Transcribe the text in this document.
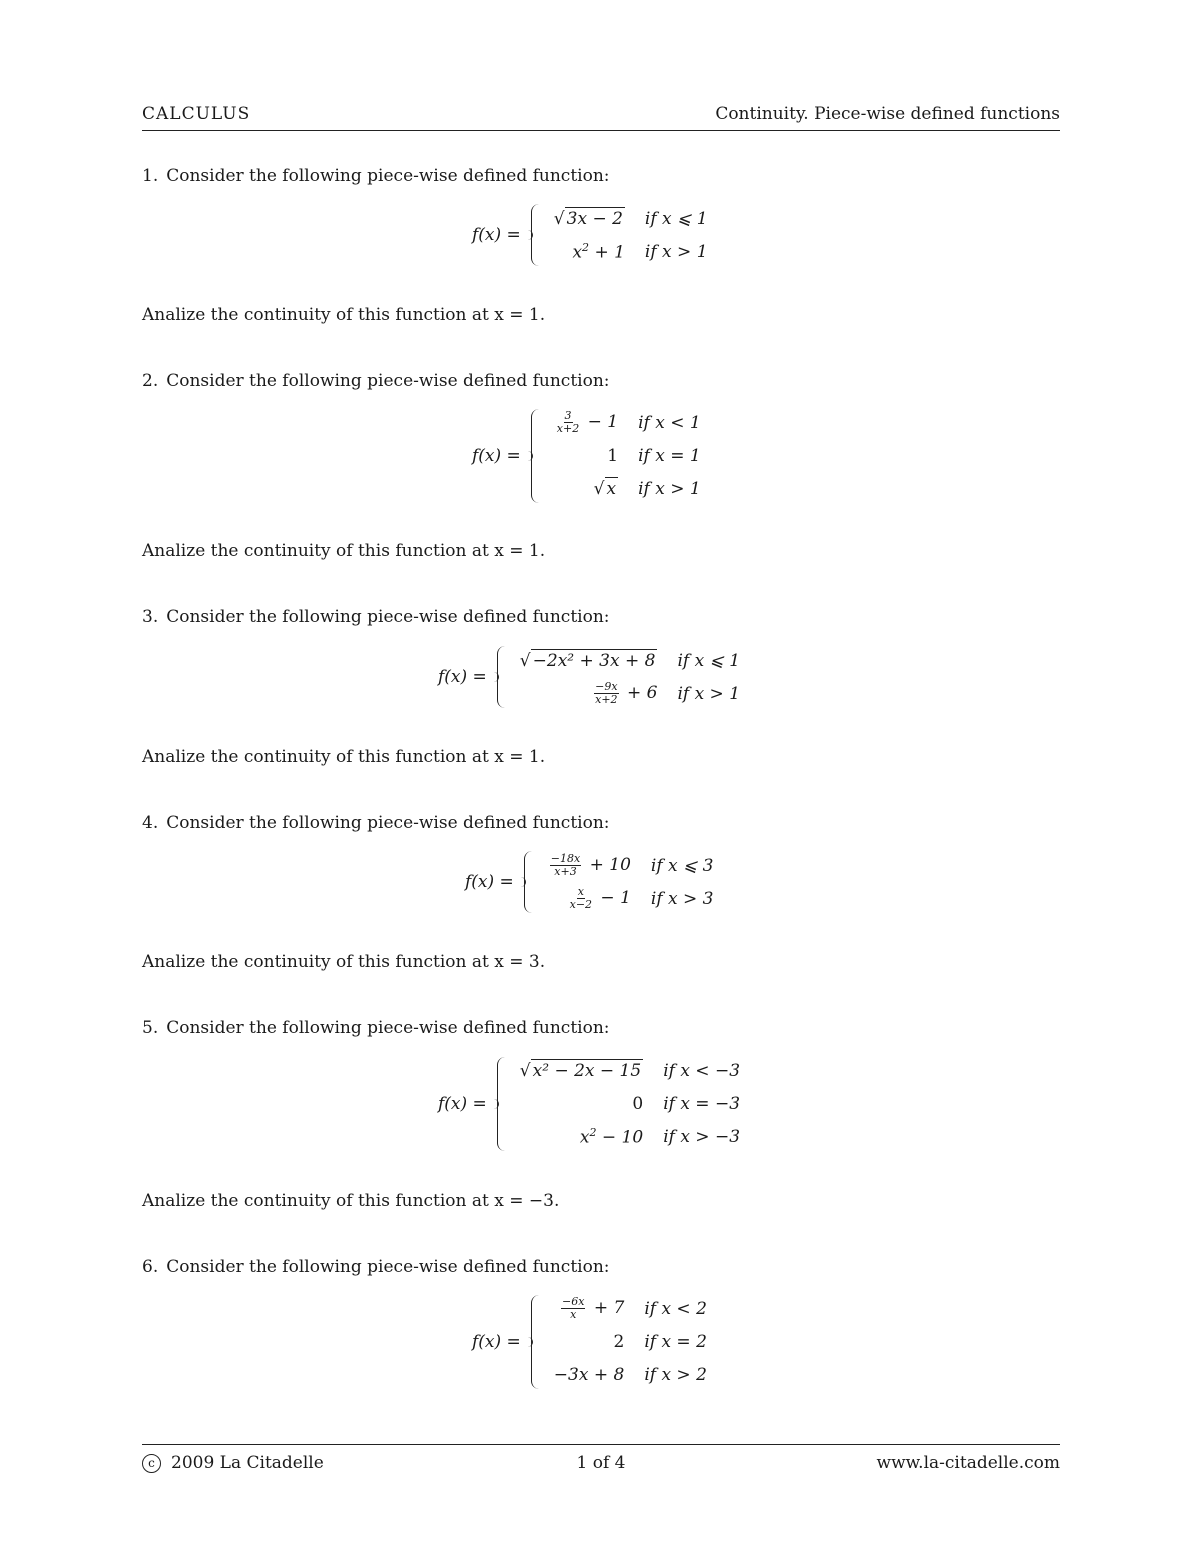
CALCULUS	Continuity. Piece-wise defined functions
1. Consider the following piece-wise defined function:
f(x) =
√ 3x − 2	if x ⩽ 1
$x^2 + 1$	if x > 1
Analize the continuity of this function at x = 1.
2. Consider the following piece-wise defined function:
f(x) =
$\frac{3}{x+2} - 1$	if x < 1
1	if x = 1
√ x	if x > 1
Analize the continuity of this function at x = 1.
3. Consider the following piece-wise defined function:
f(x) =
√ −2x² + 3x + 8	if x ⩽ 1

$\frac{-9x}{x+2} + 6$	if x > 1
Analize the continuity of this function at x = 1.
4. Consider the following piece-wise defined function:
f(x) =
$\frac{-18x}{x+3} + 10$	if x ⩽ 3

$\frac{x}{x-2} - 1$	if x > 3
Analize the continuity of this function at x = 3.
5. Consider the following piece-wise defined function:
f(x) =
√ x² − 2x − 15	if x < −3
0	if x = −3
$x^2 - 10$	if x > −3
Analize the continuity of this function at x = −3.
6. Consider the following piece-wise defined function:
f(x) =
$\frac{-6x}{x} + 7$	if x < 2
2	if x = 2
−3x + 8	if x > 2
c 2009 La Citadelle	1 of 4	www.la-citadelle.com
